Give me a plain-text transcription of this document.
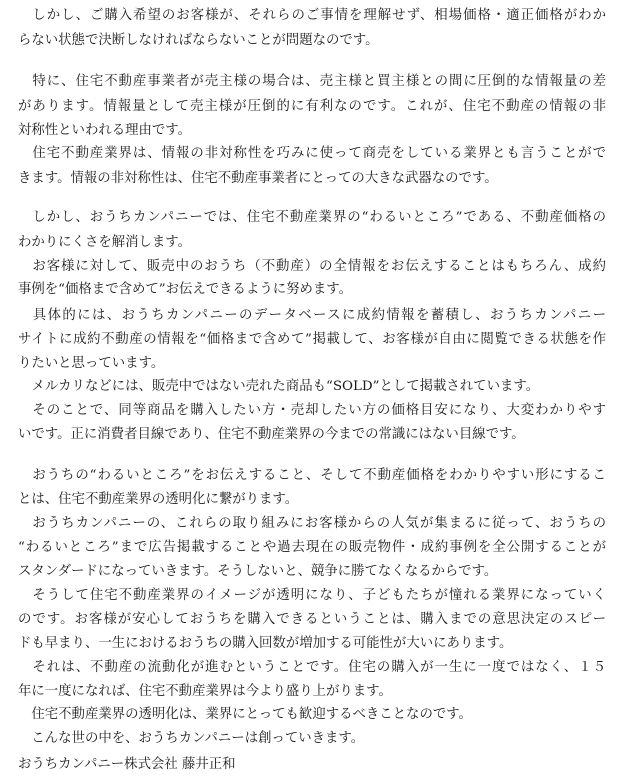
　しかし、ご購入希望のお客様が、それらのご事情を理解せず、相場価格・適正価格がわか
らない状態で決断しなければならないことが問題なのです。
　特に、住宅不動産事業者が売主様の場合は、売主様と買主様との間に圧倒的な情報量の差
があります。情報量として売主様が圧倒的に有利なのです。これが、住宅不動産の情報の非
対称性といわれる理由です。
　住宅不動産業界は、情報の非対称性を巧みに使って商売をしている業界とも言うことがで
きます。情報の非対称性は、住宅不動産事業者にとっての大きな武器なのです。
　しかし、おうちカンパニーでは、住宅不動産業界の“わるいところ”である、不動産価格の
わかりにくさを解消します。
　お客様に対して、販売中のおうち（不動産）の全情報をお伝えすることはもちろん、成約
事例を“価格まで含めて”お伝えできるように努めます。
　具体的には、おうちカンパニーのデータベースに成約情報を蓄積し、おうちカンパニー
サイトに成約不動産の情報を“価格まで含めて”掲載して、お客様が自由に閲覧できる状態を作
りたいと思っています。
　メルカリなどには、販売中ではない売れた商品も“SOLD”として掲載されています。
　そのことで、同等商品を購入したい方・売却したい方の価格目安になり、大変わかりやす
いです。正に消費者目線であり、住宅不動産業界の今までの常識にはない目線です。
　おうちの“わるいところ”をお伝えすること、そして不動産価格をわかりやすい形にするこ
とは、住宅不動産業界の透明化に繋がります。
　おうちカンパニーの、これらの取り組みにお客様からの人気が集まるに従って、おうちの
“わるいところ”まで広告掲載することや過去現在の販売物件・成約事例を全公開することが
スタンダードになっていきます。そうしないと、競争に勝てなくなるからです。
　そうして住宅不動産業界のイメージが透明になり、子どもたちが憧れる業界になっていく
のです。お客様が安心しておうちを購入できるということは、購入までの意思決定のスピー
ドも早まり、一生におけるおうちの購入回数が増加する可能性が大いにあります。
　それは、不動産の流動化が進むということです。住宅の購入が一生に一度ではなく、１５
年に一度になれば、住宅不動産業界は今より盛り上がります。
　住宅不動産業界の透明化は、業界にとっても歓迎するべきことなのです。
　こんな世の中を、おうちカンパニーは創っていきます。
おうちカンパニー株式会社 藤井正和
